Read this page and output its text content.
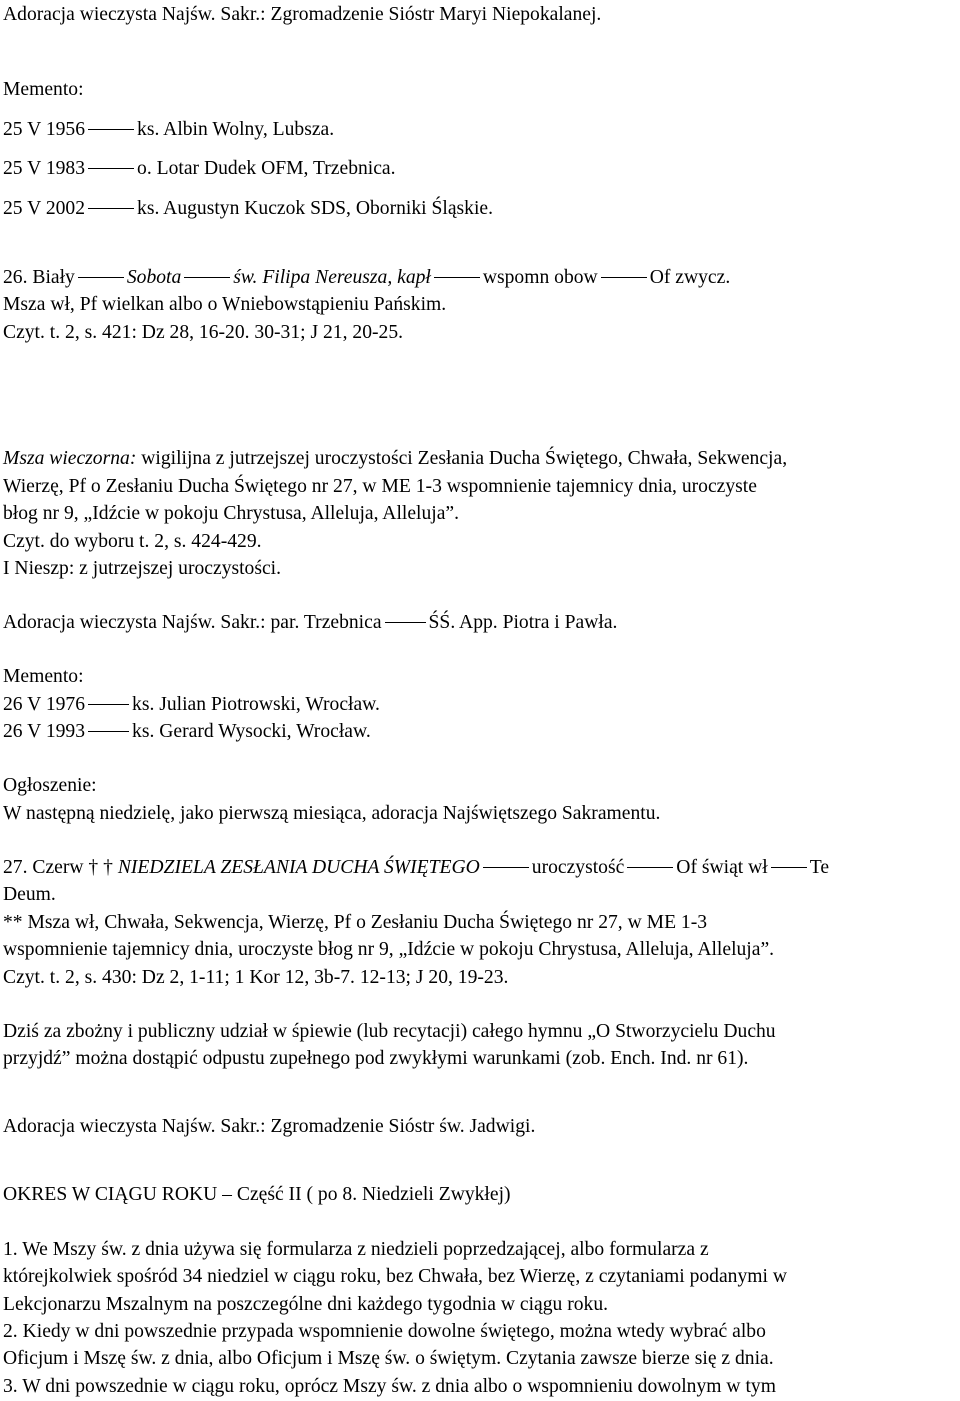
Adoracja wieczysta Najśw. Sakr.: Zgromadzenie Sióstr Maryi Niepokalanej.
Memento:
25 V 1956	ks. Albin Wolny, Lubsza.
25 V 1983	o. Lotar Dudek OFM, Trzebnica.
25 V 2002	ks. Augustyn Kuczok SDS, Oborniki Śląskie.
26. Biały	Sobota	św. Filipa Nereusza, kapł	wspomn obow	Of zwycz.
Msza wł, Pf wielkan albo o Wniebowstąpieniu Pańskim.
Czyt. t. 2, s. 421: Dz 28, 16-20. 30-31; J 21, 20-25.
Msza wieczorna: wigilijna z jutrzejszej uroczystości Zesłania Ducha Świętego, Chwała, Sekwencja,
Wierzę, Pf o Zesłaniu Ducha Świętego nr 27, w ME 1-3 wspomnienie tajemnicy dnia, uroczyste
błog nr 9, „Idźcie w pokoju Chrystusa, Alleluja, Alleluja”.
Czyt. do wyboru t. 2, s. 424-429.
I Nieszp: z jutrzejszej uroczystości.
Adoracja wieczysta Najśw. Sakr.: par. Trzebnica ŚŚ. App. Piotra i Pawła.
Memento:
26 V 1976 ks. Julian Piotrowski, Wrocław.
26 V 1993 ks. Gerard Wysocki, Wrocław.
Ogłoszenie:
W następną niedzielę, jako pierwszą miesiąca, adoracja Najświętszego Sakramentu.
27. Czerw † † NIEDZIELA ZESŁANIA DUCHA ŚWIĘTEGO	uroczystość	Of świąt wł Te
Deum.
** Msza wł, Chwała, Sekwencja, Wierzę, Pf o Zesłaniu Ducha Świętego nr 27, w ME 1-3
wspomnienie tajemnicy dnia, uroczyste błog nr 9, „Idźcie w pokoju Chrystusa, Alleluja, Alleluja”.
Czyt. t. 2, s. 430: Dz 2, 1-11; 1 Kor 12, 3b-7. 12-13; J 20, 19-23.
Dziś za zbożny i publiczny udział w śpiewie (lub recytacji) całego hymnu „O Stworzycielu Duchu
przyjdź” można dostąpić odpustu zupełnego pod zwykłymi warunkami (zob. Ench. Ind. nr 61).
Adoracja wieczysta Najśw. Sakr.: Zgromadzenie Sióstr św. Jadwigi.
OKRES W CIĄGU ROKU – Część II ( po 8. Niedzieli Zwykłej)
1. We Mszy św. z dnia używa się formularza z niedzieli poprzedzającej, albo formularza z
którejkolwiek spośród 34 niedziel w ciągu roku, bez Chwała, bez Wierzę, z czytaniami podanymi w
Lekcjonarzu Mszalnym na poszczególne dni każdego tygodnia w ciągu roku.
2. Kiedy w dni powszednie przypada wspomnienie dowolne świętego, można wtedy wybrać albo
Oficjum i Mszę św. z dnia, albo Oficjum i Mszę św. o świętym. Czytania zawsze bierze się z dnia.
3. W dni powszednie w ciągu roku, oprócz Mszy św. z dnia albo o wspomnieniu dowolnym w tym
